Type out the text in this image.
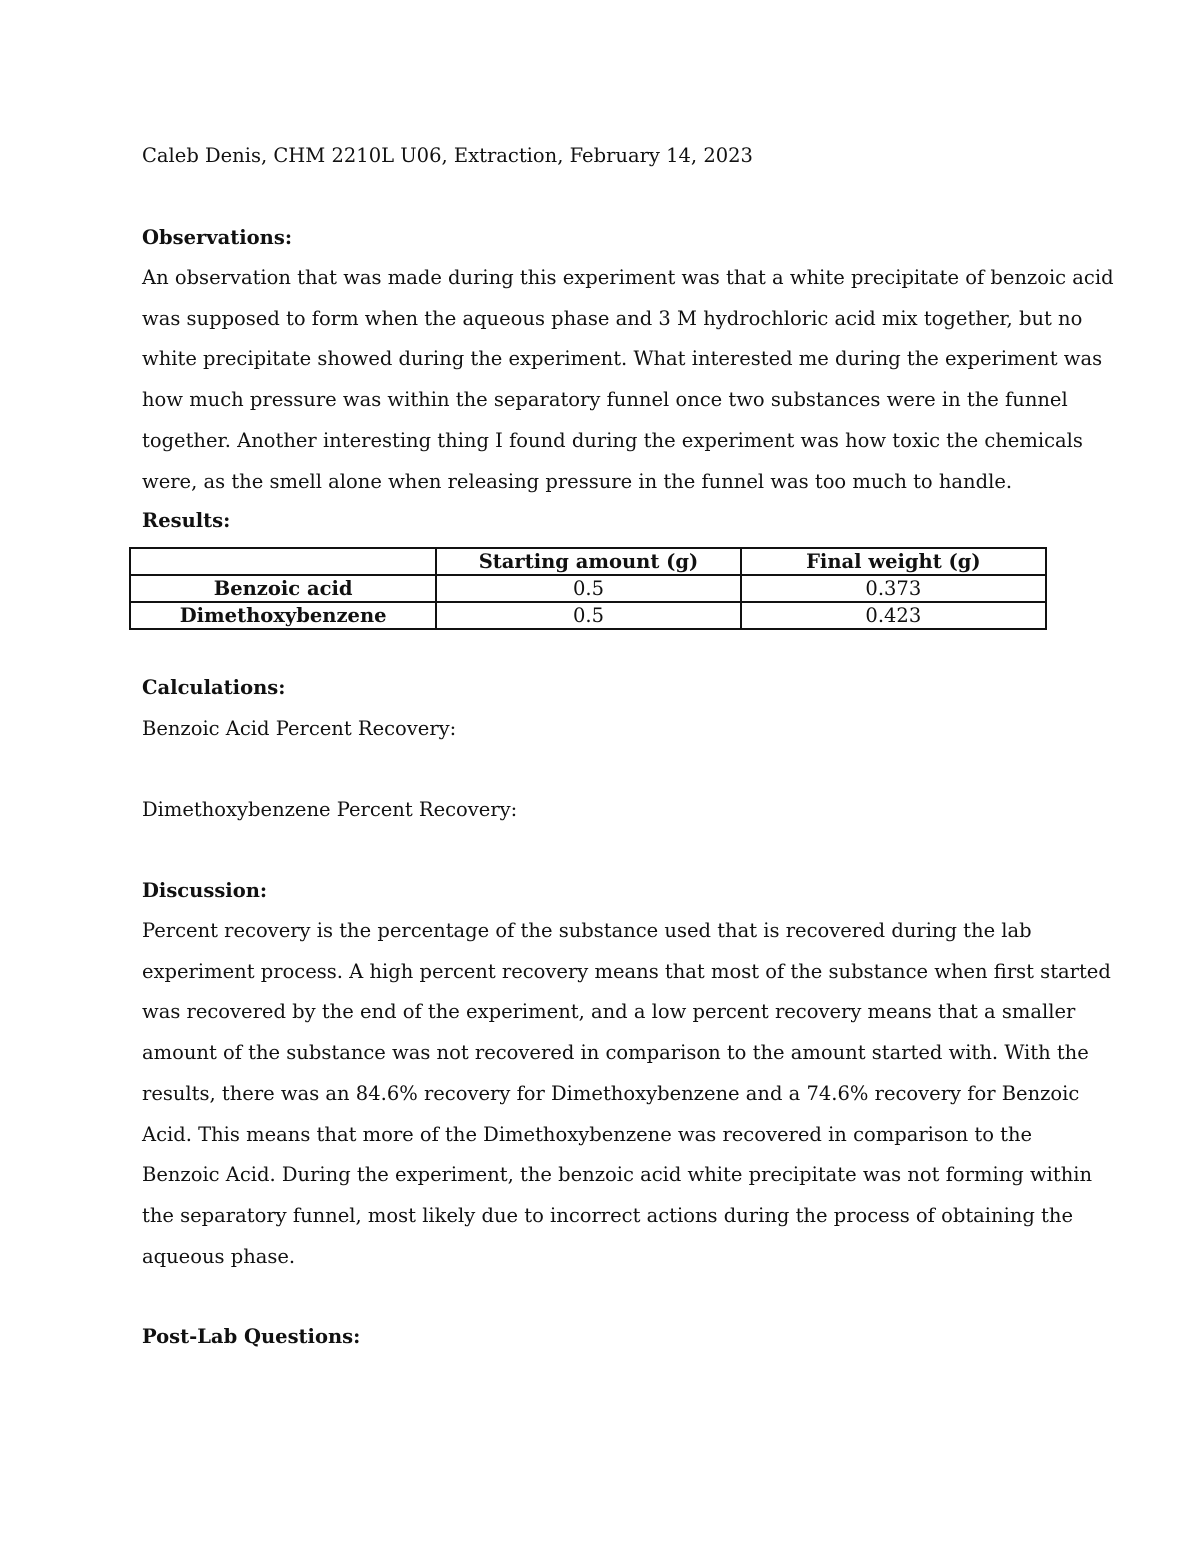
Caleb Denis, CHM 2210L U06, Extraction, February 14, 2023
Observations:
An observation that was made during this experiment was that a white precipitate of benzoic acid
was supposed to form when the aqueous phase and 3 M hydrochloric acid mix together, but no
white precipitate showed during the experiment. What interested me during the experiment was
how much pressure was within the separatory funnel once two substances were in the funnel
together. Another interesting thing I found during the experiment was how toxic the chemicals
were, as the smell alone when releasing pressure in the funnel was too much to handle.
Results:
	Starting amount (g)	Final weight (g)
Benzoic acid	0.5	0.373
Dimethoxybenzene	0.5	0.423
Calculations:
Benzoic Acid Percent Recovery:
Dimethoxybenzene Percent Recovery:
Discussion:
Percent recovery is the percentage of the substance used that is recovered during the lab
experiment process. A high percent recovery means that most of the substance when first started
was recovered by the end of the experiment, and a low percent recovery means that a smaller
amount of the substance was not recovered in comparison to the amount started with. With the
results, there was an 84.6% recovery for Dimethoxybenzene and a 74.6% recovery for Benzoic
Acid. This means that more of the Dimethoxybenzene was recovered in comparison to the
Benzoic Acid. During the experiment, the benzoic acid white precipitate was not forming within
the separatory funnel, most likely due to incorrect actions during the process of obtaining the
aqueous phase.
Post-Lab Questions:
